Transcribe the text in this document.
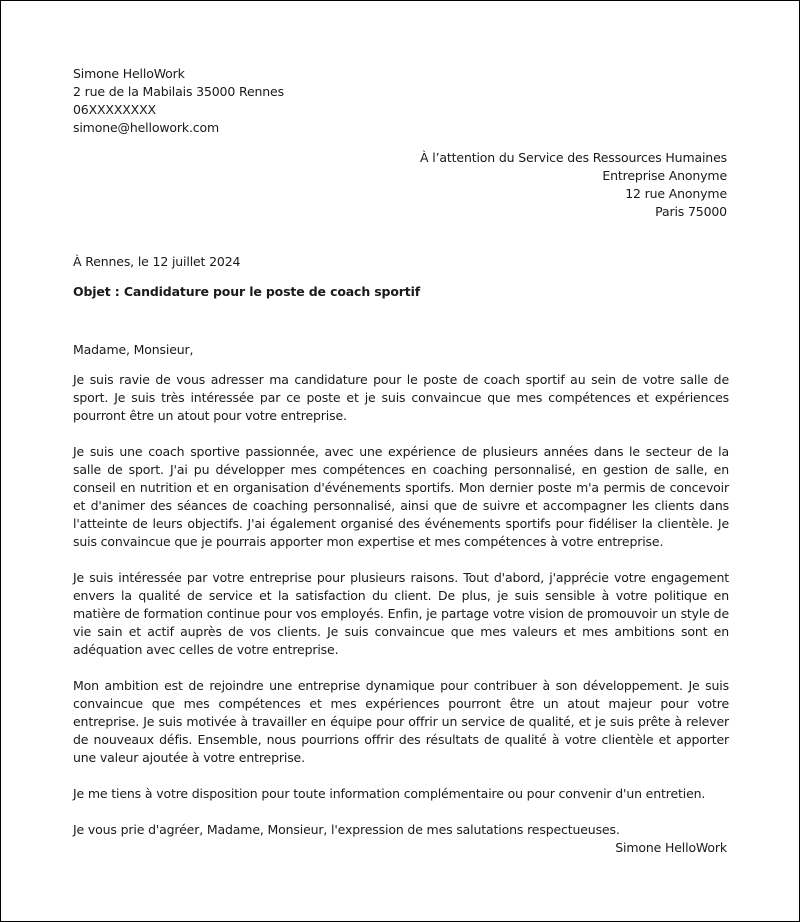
Simone HelloWork
2 rue de la Mabilais 35000 Rennes
06XXXXXXXX
simone@hellowork.com
À l’attention du Service des Ressources Humaines
Entreprise Anonyme
12 rue Anonyme
Paris 75000
À Rennes, le 12 juillet 2024
Objet : Candidature pour le poste de coach sportif
Madame, Monsieur,

Je suis ravie de vous adresser ma candidature pour le poste de coach sportif au sein de votre salle de sport. Je suis très intéressée par ce poste et je suis convaincue que mes compétences et expériences pourront être un atout pour votre entreprise.

Je suis une coach sportive passionnée, avec une expérience de plusieurs années dans le secteur de la salle de sport. J'ai pu développer mes compétences en coaching personnalisé, en gestion de salle, en conseil en nutrition et en organisation d'événements sportifs. Mon dernier poste m'a permis de concevoir et d'animer des séances de coaching personnalisé, ainsi que de suivre et accompagner les clients dans l'atteinte de leurs objectifs. J'ai également organisé des événements sportifs pour fidéliser la clientèle. Je suis convaincue que je pourrais apporter mon expertise et mes compétences à votre entreprise.

Je suis intéressée par votre entreprise pour plusieurs raisons. Tout d'abord, j'apprécie votre engagement envers la qualité de service et la satisfaction du client. De plus, je suis sensible à votre politique en matière de formation continue pour vos employés. Enfin, je partage votre vision de promouvoir un style de vie sain et actif auprès de vos clients. Je suis convaincue que mes valeurs et mes ambitions sont en adéquation avec celles de votre entreprise.

Mon ambition est de rejoindre une entreprise dynamique pour contribuer à son développement. Je suis convaincue que mes compétences et mes expériences pourront être un atout majeur pour votre entreprise. Je suis motivée à travailler en équipe pour offrir un service de qualité, et je suis prête à relever de nouveaux défis. Ensemble, nous pourrions offrir des résultats de qualité à votre clientèle et apporter une valeur ajoutée à votre entreprise.

Je me tiens à votre disposition pour toute information complémentaire ou pour convenir d'un entretien.

Je vous prie d'agréer, Madame, Monsieur, l'expression de mes salutations respectueuses.

Simone HelloWork
